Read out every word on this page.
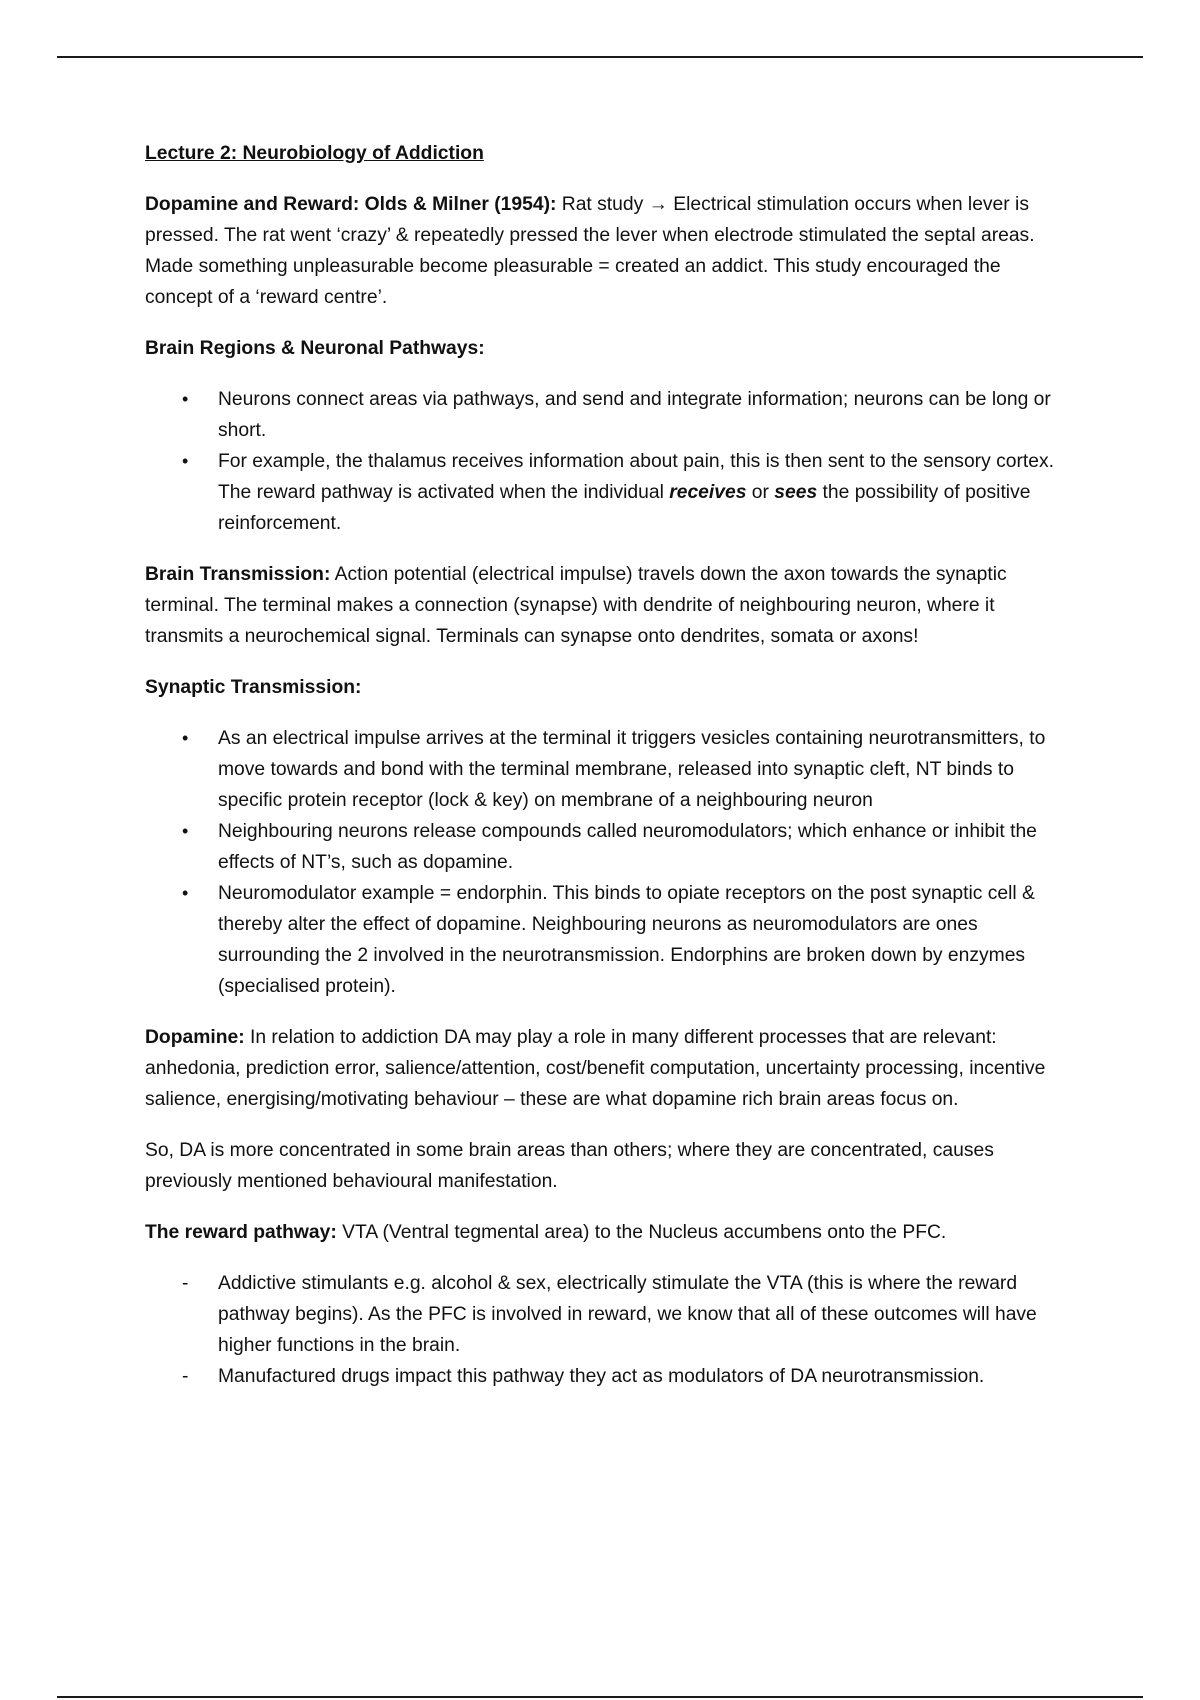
Lecture 2: Neurobiology of Addiction

Dopamine and Reward: Olds & Milner (1954): Rat study → Electrical stimulation occurs when lever is pressed. The rat went ‘crazy’ & repeatedly pressed the lever when electrode stimulated the septal areas. Made something unpleasurable become pleasurable = created an addict. This study encouraged the concept of a ‘reward centre’.

Brain Regions & Neuronal Pathways:

• Neurons connect areas via pathways, and send and integrate information; neurons can be long or short.
• For example, the thalamus receives information about pain, this is then sent to the sensory cortex. The reward pathway is activated when the individual receives or sees the possibility of positive reinforcement.

Brain Transmission: Action potential (electrical impulse) travels down the axon towards the synaptic terminal. The terminal makes a connection (synapse) with dendrite of neighbouring neuron, where it transmits a neurochemical signal. Terminals can synapse onto dendrites, somata or axons!

Synaptic Transmission:

• As an electrical impulse arrives at the terminal it triggers vesicles containing neurotransmitters, to move towards and bond with the terminal membrane, released into synaptic cleft, NT binds to specific protein receptor (lock & key) on membrane of a neighbouring neuron
• Neighbouring neurons release compounds called neuromodulators; which enhance or inhibit the effects of NT’s, such as dopamine.
• Neuromodulator example = endorphin. This binds to opiate receptors on the post synaptic cell & thereby alter the effect of dopamine. Neighbouring neurons as neuromodulators are ones surrounding the 2 involved in the neurotransmission. Endorphins are broken down by enzymes (specialised protein).

Dopamine: In relation to addiction DA may play a role in many different processes that are relevant: anhedonia, prediction error, salience/attention, cost/benefit computation, uncertainty processing, incentive salience, energising/motivating behaviour – these are what dopamine rich brain areas focus on.

So, DA is more concentrated in some brain areas than others; where they are concentrated, causes previously mentioned behavioural manifestation.

The reward pathway: VTA (Ventral tegmental area) to the Nucleus accumbens onto the PFC.

- Addictive stimulants e.g. alcohol & sex, electrically stimulate the VTA (this is where the reward pathway begins). As the PFC is involved in reward, we know that all of these outcomes will have higher functions in the brain.
- Manufactured drugs impact this pathway they act as modulators of DA neurotransmission.
